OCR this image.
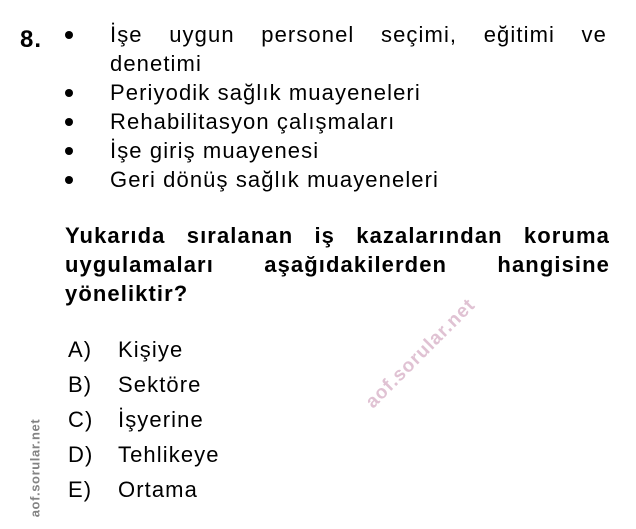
8.	İşe uygun personel seçimi, eğitimi ve
denetimi
Periyodik sağlık muayeneleri
Rehabilitasyon çalışmaları
İşe giriş muayenesi
Geri dönüş sağlık muayeneleri
Yukarıda sıralanan iş kazalarından koruma
uygulamaları aşağıdakilerden hangisine
yöneliktir?
A)	Kişiye
B)	Sektöre
C)	İşyerine
D)	Tehlikeye
E)	Ortama
aof.sorular.net
aof.sorular.net
